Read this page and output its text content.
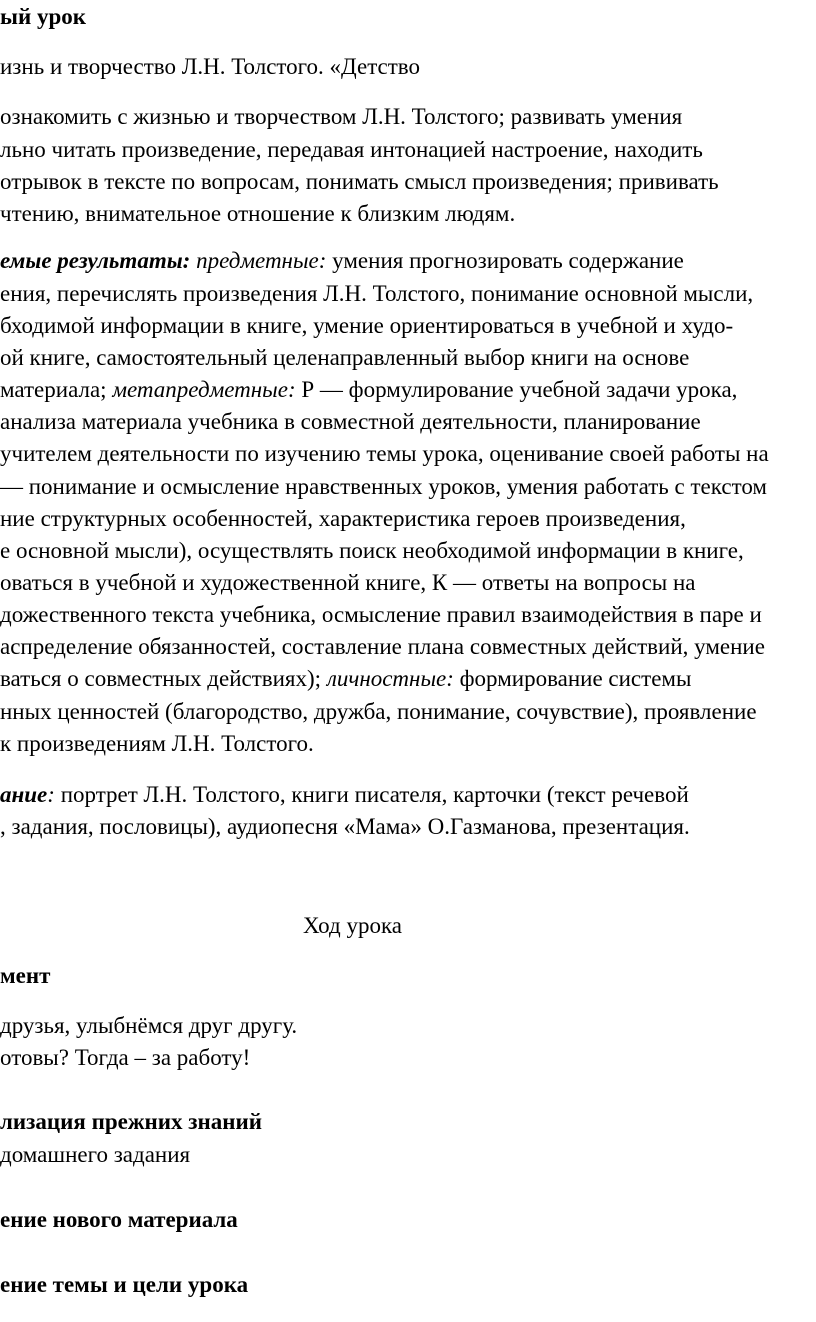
ый урок
изнь и творчество Л.Н. Толстого. «Детство
ознакомить с жизнью и творчеством Л.Н. Толстого; развивать умения
льно читать произведение, передавая интонацией настроение, находить
отрывок в тексте по вопросам, понимать смысл произведения; прививать
чтению, внимательное отношение к близким людям.
емые результаты: предметные: умения прогнозировать содержание
ения, перечислять произведения Л.Н. Толстого, понимание основной мысли,
бходимой информации в книге, умение ориентироваться в учебной и худо-
ой книге, самостоятельный целенаправленный выбор книги на основе
материала; метапредметные: Р — формулирование учебной задачи урока,
анализа материала учебника в совместной деятельности, планирование
учителем деятельности по изучению темы урока, оценивание своей работы на
— понимание и осмысление нравственных уроков, умения работать с текстом
ние структурных особенностей, характеристика героев произведения,
е основной мысли), осуществлять поиск необходимой информации в книге,
оваться в учебной и художественной книге, К — ответы на вопросы на
дожественного текста учебника, осмысление правил взаимодействия в паре и
аспределение обязанностей, составление плана совместных действий, умение
ваться о совместных действиях); личностные: формирование системы
нных ценностей (благородство, дружба, понимание, сочувствие), проявление
к произведениям Л.Н. Толстого.
ание: портрет Л.Н. Толстого, книги писателя, карточки (текст речевой
, задания, пословицы), аудиопесня «Мама» О.Газманова, презентация.
Ход урока
мент
друзья, улыбнёмся друг другу.
отовы? Тогда – за работу!
лизация прежних знаний
домашнего задания
ение нового материала
ение темы и цели урока
